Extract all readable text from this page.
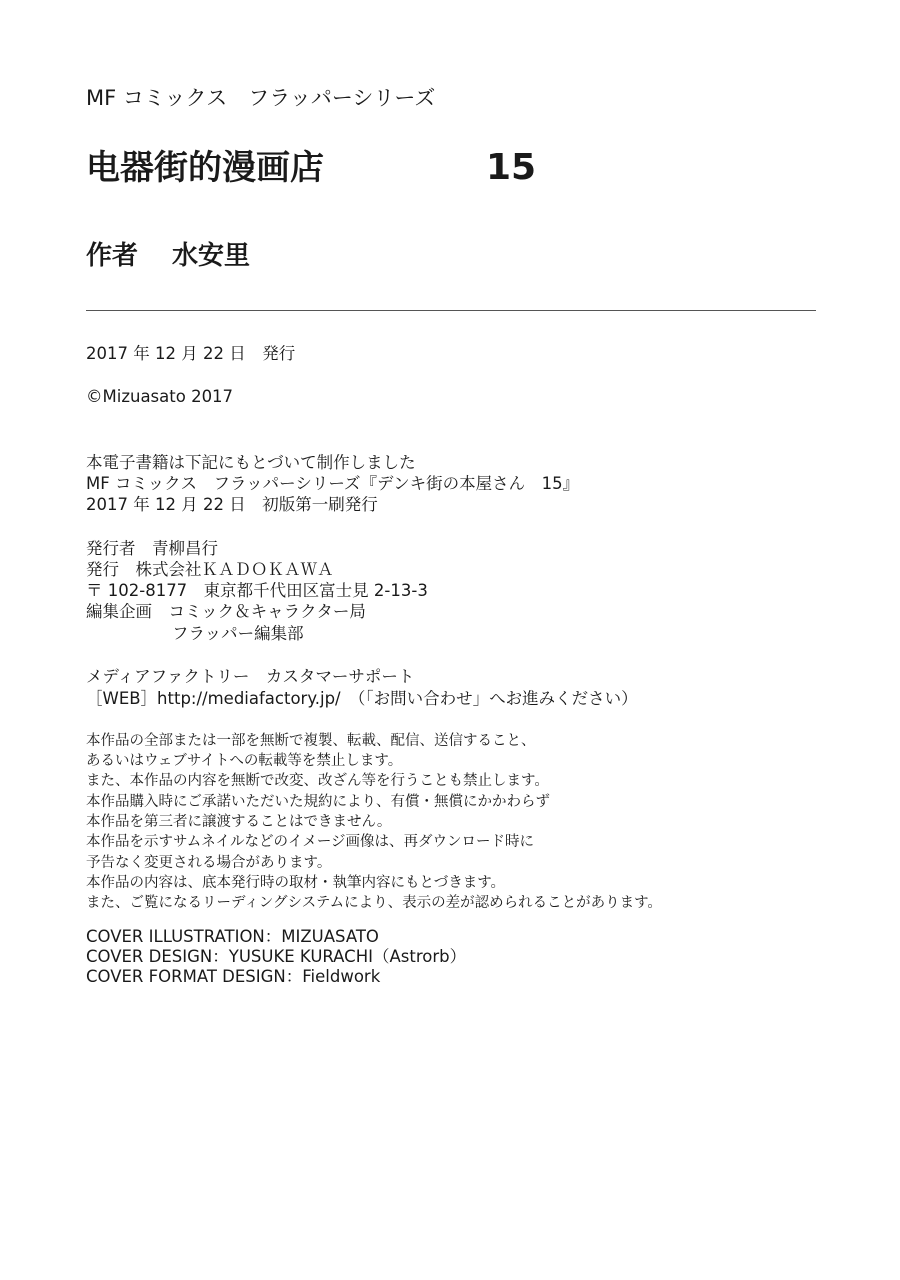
MF コミックス　フラッパーシリーズ
电器街的漫画店	15
作者 水安里
2017 年 12 月 22 日　発行
©Mizuasato 2017
本電子書籍は下記にもとづいて制作しました
MF コミックス　フラッパーシリーズ『デンキ街の本屋さん　15』
2017 年 12 月 22 日　初版第一刷発行
発行者　青柳昌行
発行　株式会社ＫＡＤＯＫＡＷＡ
〒 102-8177　東京都千代田区富士見 2-13-3
編集企画　コミック＆キャラクター局
フラッパー編集部
メディアファクトリー　カスタマーサポート
［WEB］http://mediafactory.jp/　（「お問い合わせ」へお進みください）
本作品の全部または一部を無断で複製、転載、配信、送信すること、
あるいはウェブサイトへの転載等を禁止します。
また、本作品の内容を無断で改変、改ざん等を行うことも禁止します。
本作品購入時にご承諾いただいた規約により、有償・無償にかかわらず
本作品を第三者に譲渡することはできません。
本作品を示すサムネイルなどのイメージ画像は、再ダウンロード時に
予告なく変更される場合があります。
本作品の内容は、底本発行時の取材・執筆内容にもとづきます。
また、ご覧になるリーディングシステムにより、表示の差が認められることがあります。
COVER ILLUSTRATION：MIZUASATO
COVER DESIGN：YUSUKE KURACHI（Astrorb）
COVER FORMAT DESIGN：Fieldwork
